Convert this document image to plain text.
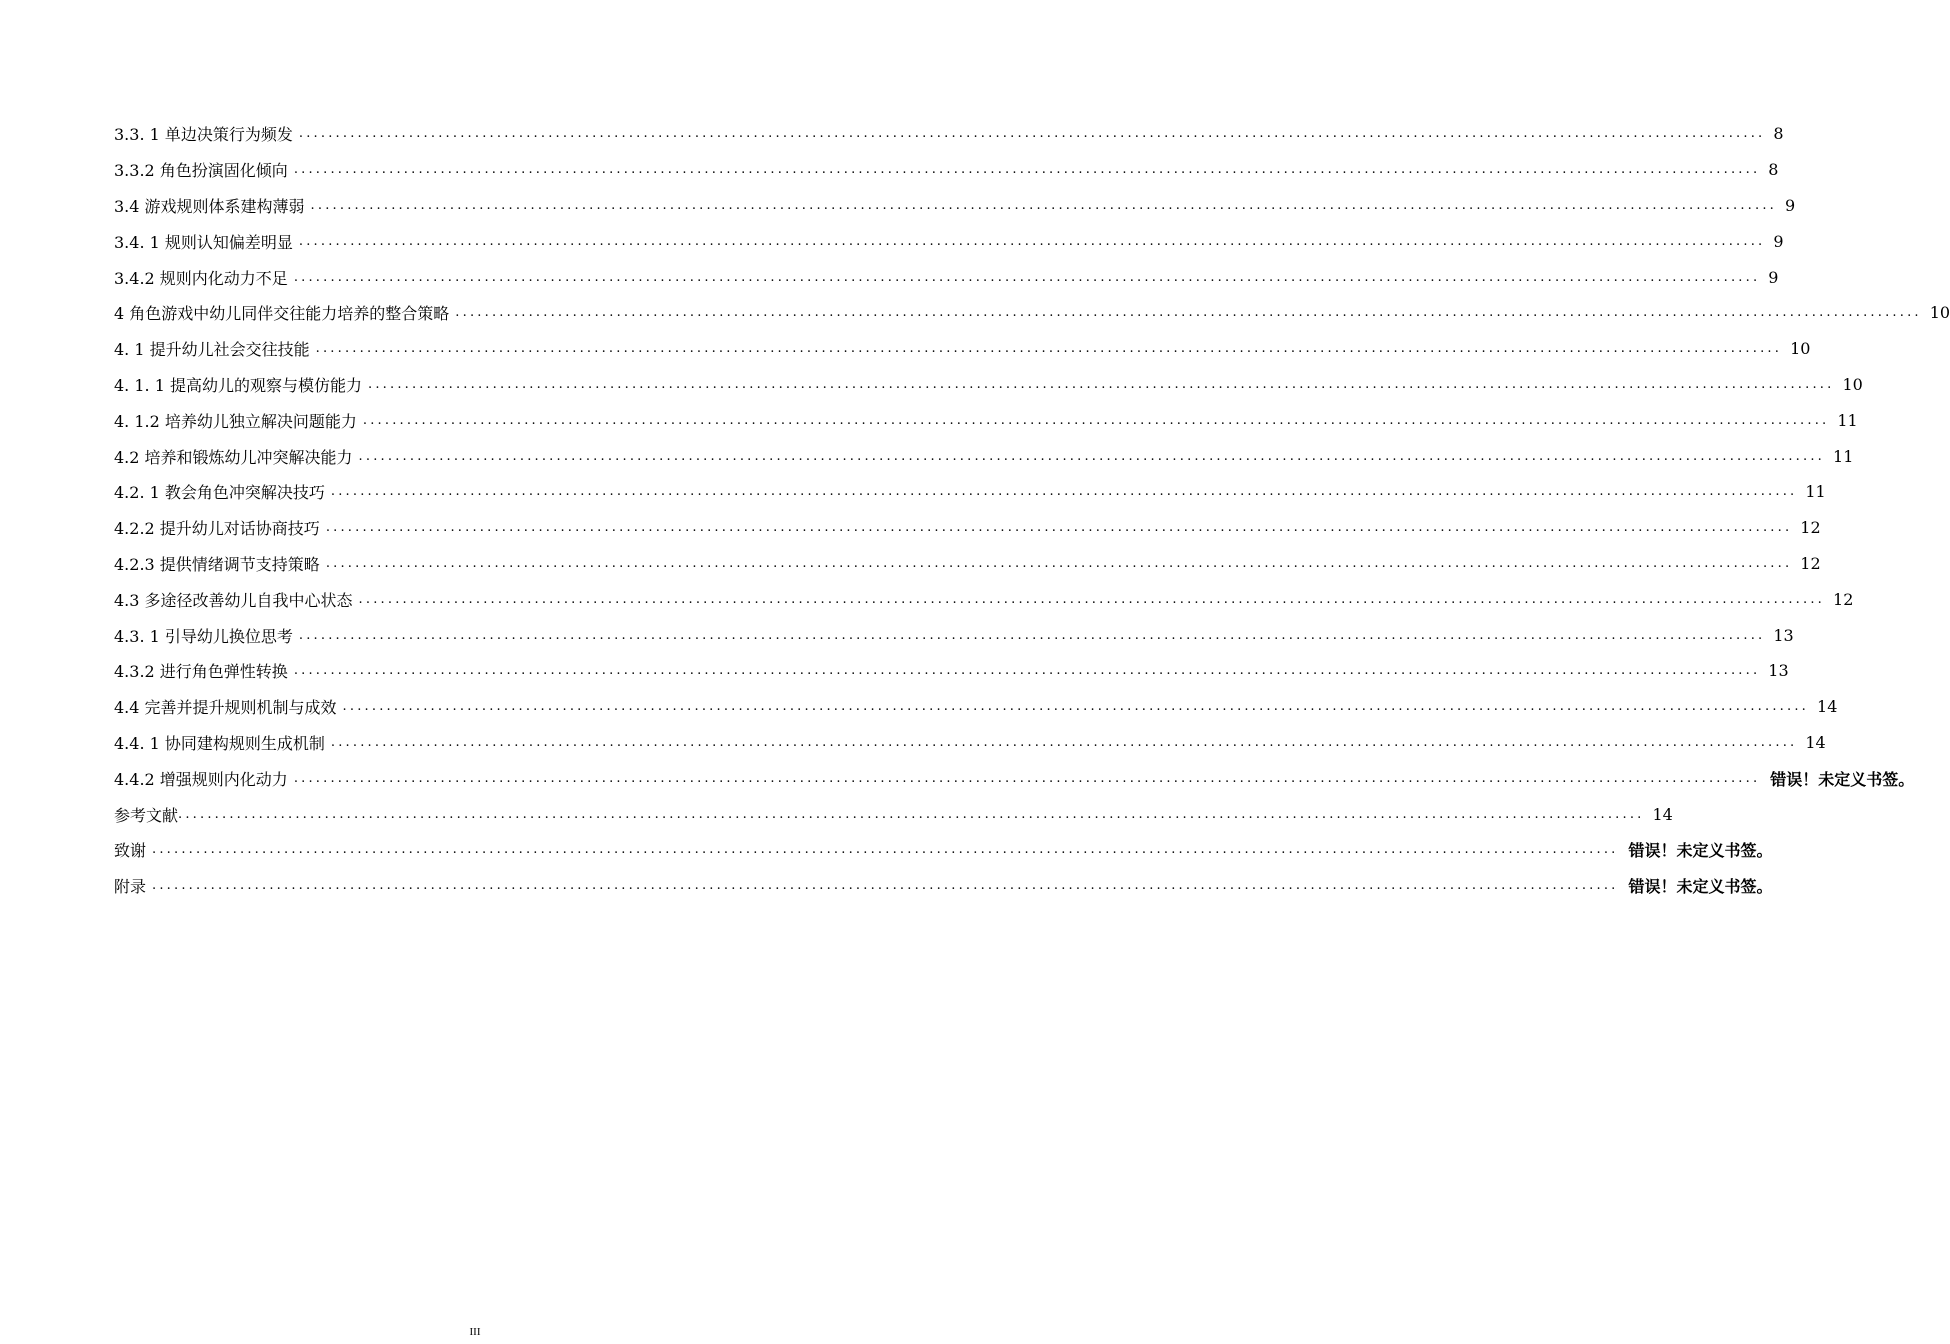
3.3. 1 单边决策行为频发 ........................................................................................................................................................................................................ 8
3.3.2 角色扮演固化倾向 ........................................................................................................................................................................................................ 8
3.4 游戏规则体系建构薄弱 ........................................................................................................................................................................................................ 9
3.4. 1 规则认知偏差明显 ........................................................................................................................................................................................................ 9
3.4.2 规则内化动力不足 ........................................................................................................................................................................................................ 9
4 角色游戏中幼儿同伴交往能力培养的整合策略 ........................................................................................................................................................................................................ 10
4. 1 提升幼儿社会交往技能 ........................................................................................................................................................................................................ 10
4. 1. 1 提高幼儿的观察与模仿能力 ........................................................................................................................................................................................................ 10
4. 1.2 培养幼儿独立解决问题能力 ........................................................................................................................................................................................................ 11
4.2 培养和锻炼幼儿冲突解决能力 ........................................................................................................................................................................................................ 11
4.2. 1 教会角色冲突解决技巧 ........................................................................................................................................................................................................ 11
4.2.2 提升幼儿对话协商技巧 ........................................................................................................................................................................................................ 12
4.2.3 提供情绪调节支持策略 ........................................................................................................................................................................................................ 12
4.3 多途径改善幼儿自我中心状态 ........................................................................................................................................................................................................ 12
4.3. 1 引导幼儿换位思考 ........................................................................................................................................................................................................ 13
4.3.2 进行角色弹性转换 ........................................................................................................................................................................................................ 13
4.4 完善并提升规则机制与成效 ........................................................................................................................................................................................................ 14
4.4. 1 协同建构规则生成机制 ........................................................................................................................................................................................................ 14
4.4.2 增强规则内化动力 ........................................................................................................................................................................................................ 错误！未定义书签。
参考文献 ........................................................................................................................................................................................................ 14
致谢 ........................................................................................................................................................................................................ 错误！未定义书签。
附录 ........................................................................................................................................................................................................ 错误！未定义书签。
III
